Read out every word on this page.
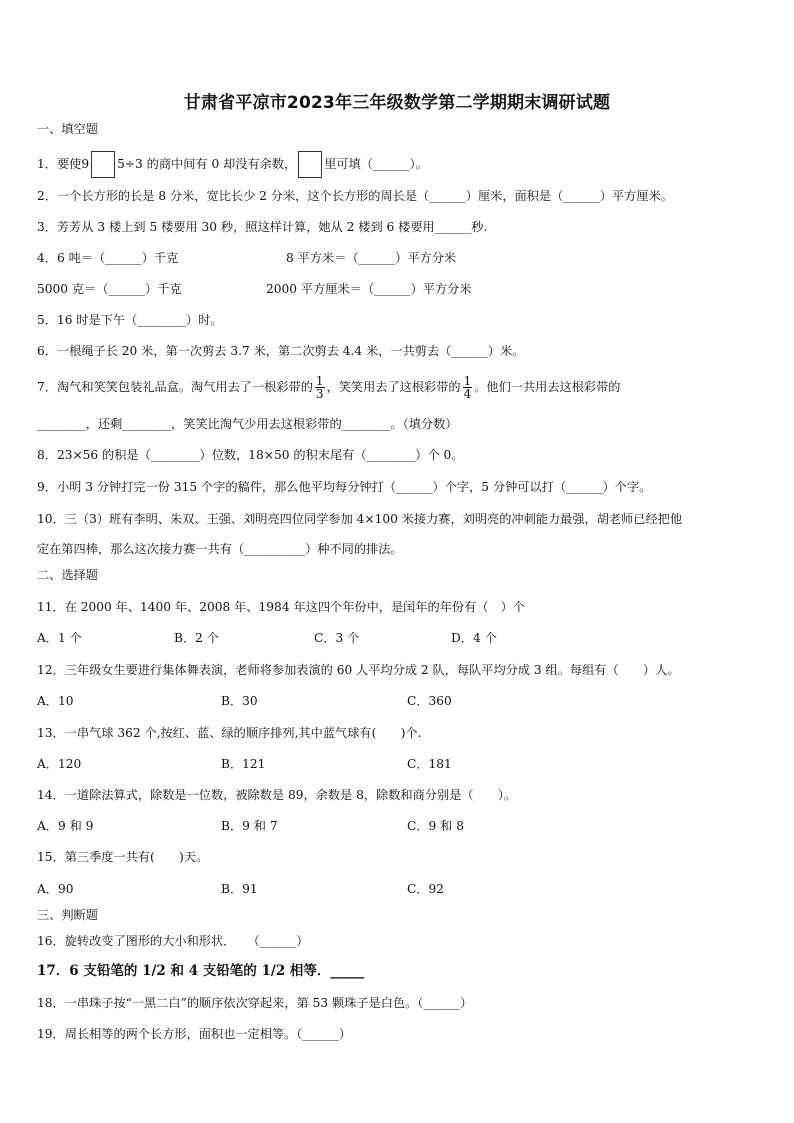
甘肃省平凉市2023年三年级数学第二学期期末调研试题
一、填空题
1．要使9 5÷3 的商中间有 0 却没有余数， 里可填（______）。
2．一个长方形的长是 8 分米，宽比长少 2 分米，这个长方形的周长是（______）厘米，面积是（______）平方厘米。
3．芳芳从 3 楼上到 5 楼要用 30 秒，照这样计算，她从 2 楼到 6 楼要用______秒.
4．6 吨＝（______）千克	8 平方米＝（______）平方分米
5000 克＝（______）千克	2000 平方厘米＝（______）平方分米
5．16 时是下午（________）时。
6．一根绳子长 20 米，第一次剪去 3.7 米，第二次剪去 4.4 米，一共剪去（______）米。
7．淘气和笑笑包装礼品盒。淘气用去了一根彩带的 $\frac{1}{3}$ ，笑笑用去了这根彩带的 $\frac{1}{4}$ 。他们一共用去这根彩带的
________，还剩________，笑笑比淘气少用去这根彩带的________。（填分数）
8．23×56 的积是（________）位数，18×50 的积末尾有（________）个 0。
9．小明 3 分钟打完一份 315 个字的稿件，那么他平均每分钟打（______）个字，5 分钟可以打（______）个字。
10．三（3）班有李明、朱双、王强、刘明亮四位同学参加 4×100 米接力赛，刘明亮的冲刺能力最强，胡老师已经把他
定在第四棒，那么这次接力赛一共有（__________）种不同的排法。
二、选择题
11．在 2000 年、1400 年、2008 年、1984 年这四个年份中，是闰年的年份有（　）个
A．1 个	B．2 个	C．3 个	D．4 个
12．三年级女生要进行集体舞表演，老师将参加表演的 60 人平均分成 2 队，每队平均分成 3 组。每组有（　　）人。
A．10	B．30	C．360
13．一串气球 362 个,按红、蓝、绿的顺序排列,其中蓝气球有(　　)个.
A．120	B．121	C．181
14．一道除法算式，除数是一位数，被除数是 89，余数是 8，除数和商分别是（　　）。
A．9 和 9	B．9 和 7	C．9 和 8
15．第三季度一共有(　　)天。
A．90	B．91	C．92
三、判断题
16．旋转改变了图形的大小和形状．　　（______）
17．6 支铅笔的 1/2 和 4 支铅笔的 1/2 相等．_____
18．一串珠子按“一黑二白”的顺序依次穿起来，第 53 颗珠子是白色。（______）
19．周长相等的两个长方形，面积也一定相等。（______）
